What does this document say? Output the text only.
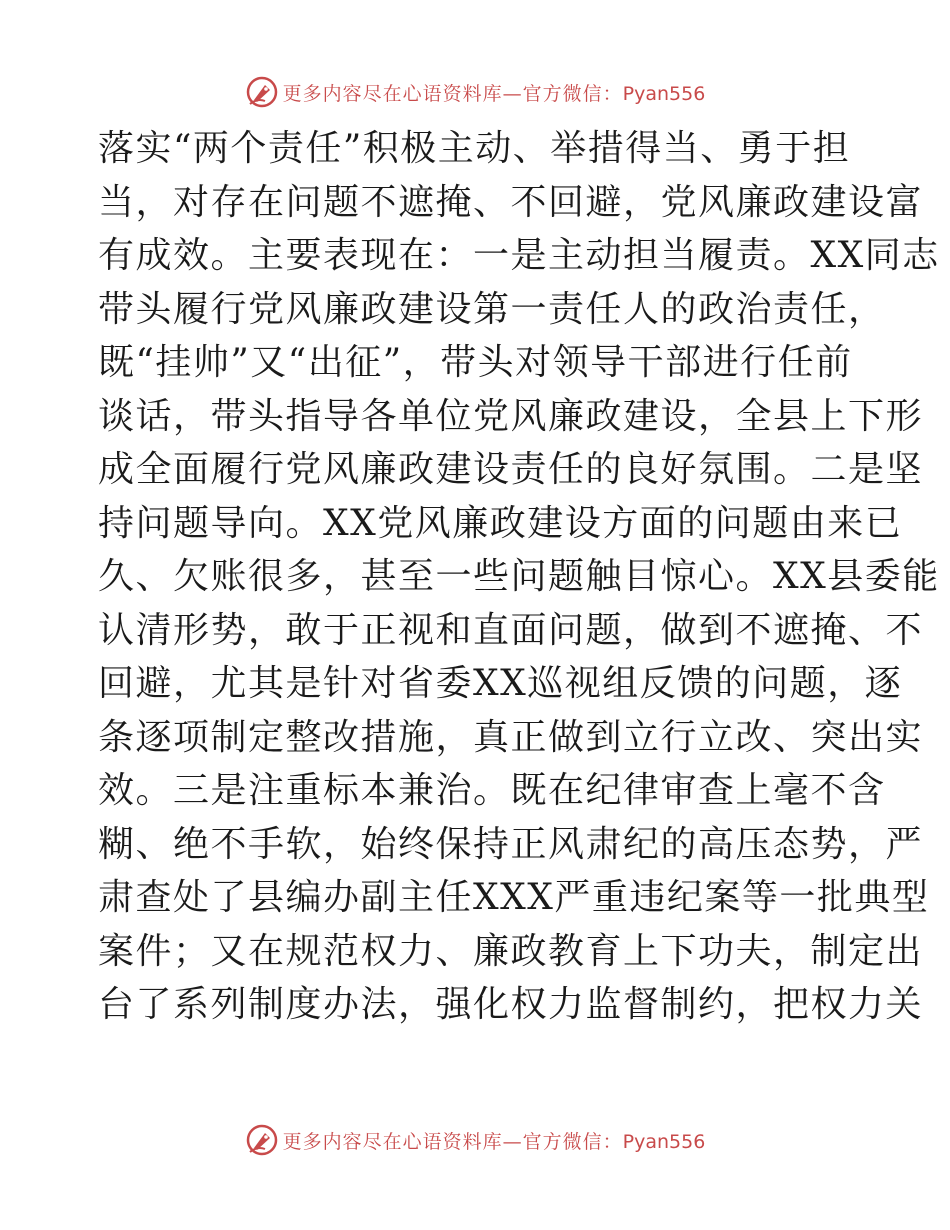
更多内容尽在心语资料库—官方微信：Pyan556
落实“两个责任”积极主动、举措得当、勇于担
当，对存在问题不遮掩、不回避，党风廉政建设富
有成效。主要表现在：一是主动担当履责。XX同志
带头履行党风廉政建设第一责任人的政治责任，
既“挂帅”又“出征”，带头对领导干部进行任前
谈话，带头指导各单位党风廉政建设，全县上下形
成全面履行党风廉政建设责任的良好氛围。二是坚
持问题导向。XX党风廉政建设方面的问题由来已
久、欠账很多，甚至一些问题触目惊心。XX县委能
认清形势，敢于正视和直面问题，做到不遮掩、不
回避，尤其是针对省委XX巡视组反馈的问题，逐
条逐项制定整改措施，真正做到立行立改、突出实
效。三是注重标本兼治。既在纪律审查上毫不含
糊、绝不手软，始终保持正风肃纪的高压态势，严
肃查处了县编办副主任XXX严重违纪案等一批典型
案件；又在规范权力、廉政教育上下功夫，制定出
台了系列制度办法，强化权力监督制约，把权力关
更多内容尽在心语资料库—官方微信：Pyan556
